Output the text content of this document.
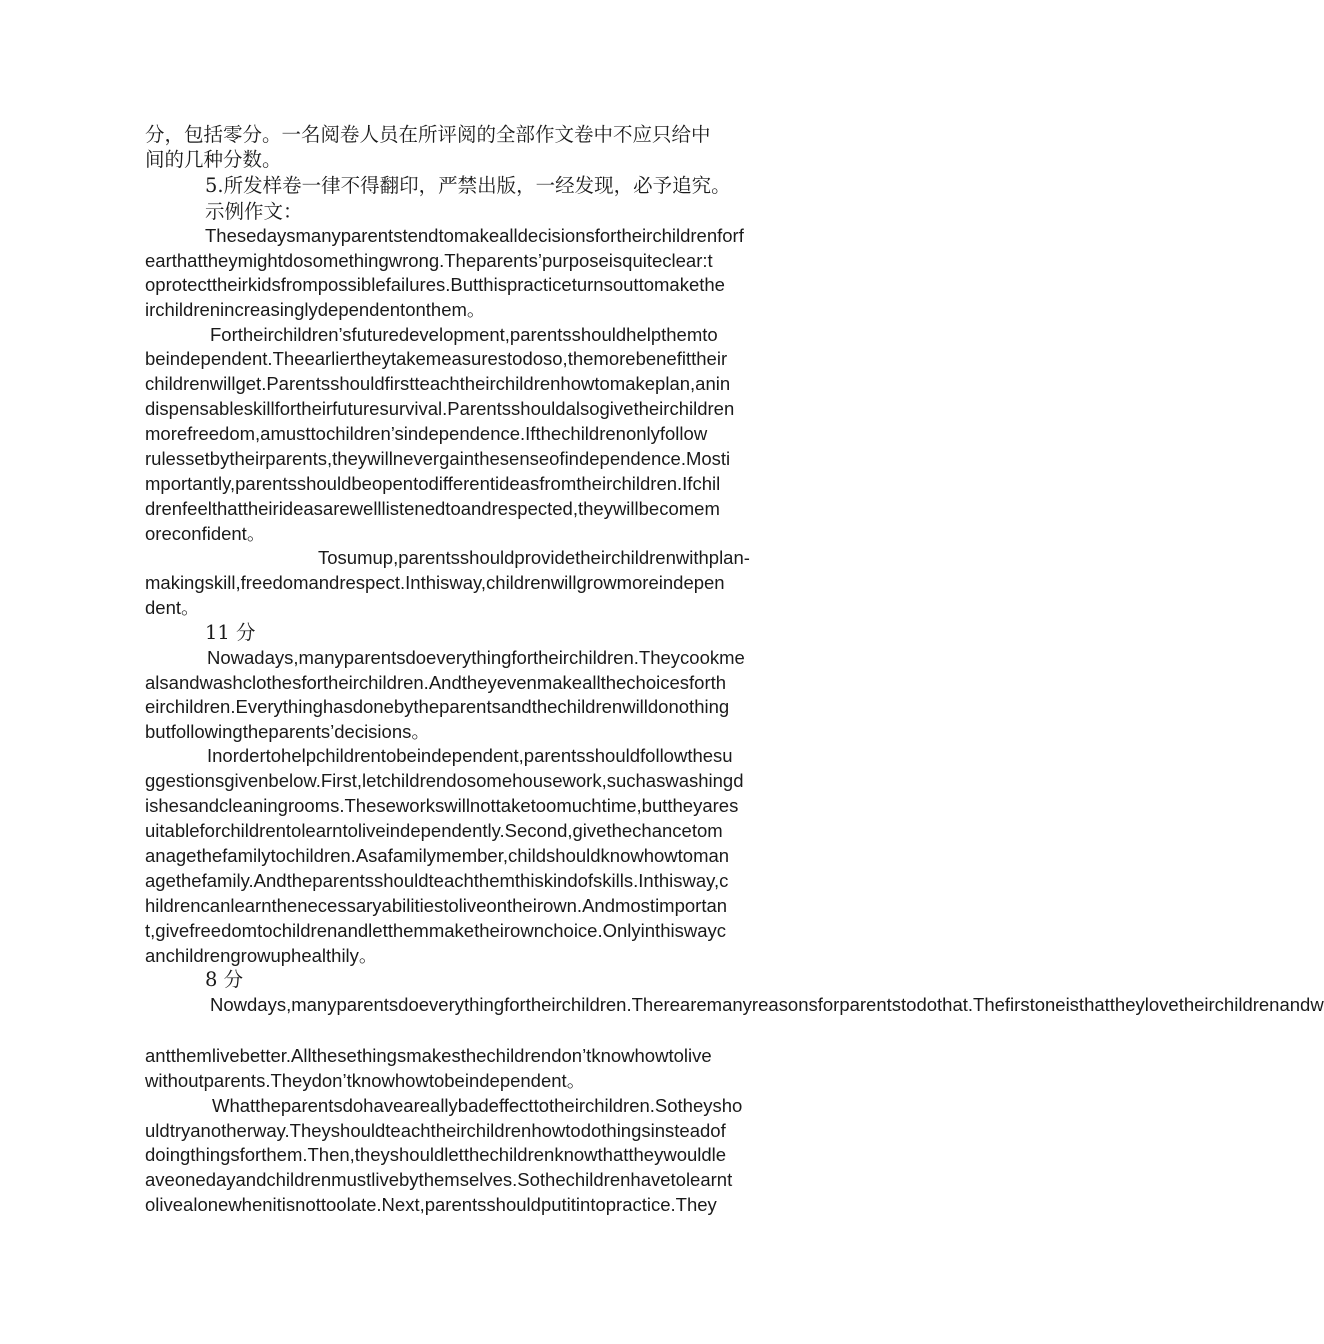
分，包括零分。一名阅卷人员在所评阅的全部作文卷中不应只给中
间的几种分数。
5.所发样卷一律不得翻印，严禁出版，一经发现，必予追究。
示例作文：
Thesedaysmanyparentstendtomakealldecisionsfortheirchildrenforf
earthattheymightdosomethingwrong.Theparents’purposeisquiteclear:t
oprotecttheirkidsfrompossiblefailures.Butthispracticeturnsouttomakethe
irchildrenincreasinglydependentonthem。
Fortheirchildren’sfuturedevelopment,parentsshouldhelpthemto
beindependent.Theearliertheytakemeasurestodoso,themorebenefittheir
childrenwillget.Parentsshouldfirstteachtheirchildrenhowtomakeplan,anin
dispensableskillfortheirfuturesurvival.Parentsshouldalsogivetheirchildren
morefreedom,amusttochildren’sindependence.Ifthechildrenonlyfollow
rulessetbytheirparents,theywillnevergainthesenseofindependence.Mosti
mportantly,parentsshouldbeopentodifferentideasfromtheirchildren.Ifchil
drenfeelthattheirideasarewelllistenedtoandrespected,theywillbecomem
oreconfident。
Tosumup,parentsshouldprovidetheirchildrenwithplan-
makingskill,freedomandrespect.Inthisway,childrenwillgrowmoreindepen
dent。
11 分
Nowadays,manyparentsdoeverythingfortheirchildren.Theycookme
alsandwashclothesfortheirchildren.Andtheyevenmakeallthechoicesforth
eirchildren.Everythinghasdonebytheparentsandthechildrenwilldonothing
butfollowingtheparents’decisions。
Inordertohelpchildrentobeindependent,parentsshouldfollowthesu
ggestionsgivenbelow.First,letchildrendosomehousework,suchaswashingd
ishesandcleaningrooms.Theseworkswillnottaketoomuchtime,buttheyares
uitableforchildrentolearntoliveindependently.Second,givethechancetom
anagethefamilytochildren.Asafamilymember,childshouldknowhowtoman
agethefamily.Andtheparentsshouldteachthemthiskindofskills.Inthisway,c
hildrencanlearnthenecessaryabilitiestoliveontheirown.Andmostimportan
t,givefreedomtochildrenandletthemmaketheirownchoice.Onlyinthiswayc
anchildrengrowuphealthily。
8 分
Nowdays,manyparentsdoeverythingfortheirchildren.Therearemanyreasonsforparentstodothat.Thefirstoneisthattheylovetheirchildrenandw
antthemlivebetter.Allthesethingsmakesthechildrendon’tknowhowtolive
withoutparents.Theydon’tknowhowtobeindependent。
Whattheparentsdohaveareallybadeffecttotheirchildren.Sotheysho
uldtryanotherway.Theyshouldteachtheirchildrenhowtodothingsinsteadof
doingthingsforthem.Then,theyshouldletthechildrenknowthattheywouldle
aveonedayandchildrenmustlivebythemselves.Sothechildrenhavetolearnt
olivealonewhenitisnottoolate.Next,parentsshouldputitintopractice.They
